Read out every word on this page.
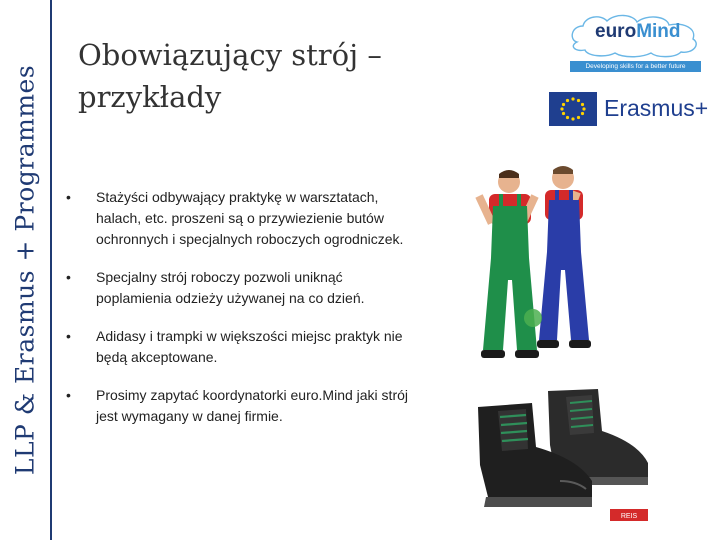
LLP & Erasmus + Programmes
Obowiązujący strój –
przykłady
• Stażyści odbywający praktykę w warsztatach, halach, etc. proszeni są o przywiezienie butów ochronnych i specjalnych roboczych ogrodniczek.
• Specjalny strój roboczy pozwoli uniknąć poplamienia odzieży używanej na co dzień.
• Adidasy i trampki w większości miejsc praktyk nie będą akceptowane.
• Prosimy zapytać koordynatorki euro.Mind jaki strój jest wymagany w danej firmie.
euroMind
Developing skills for a better future
Erasmus+
REIS
